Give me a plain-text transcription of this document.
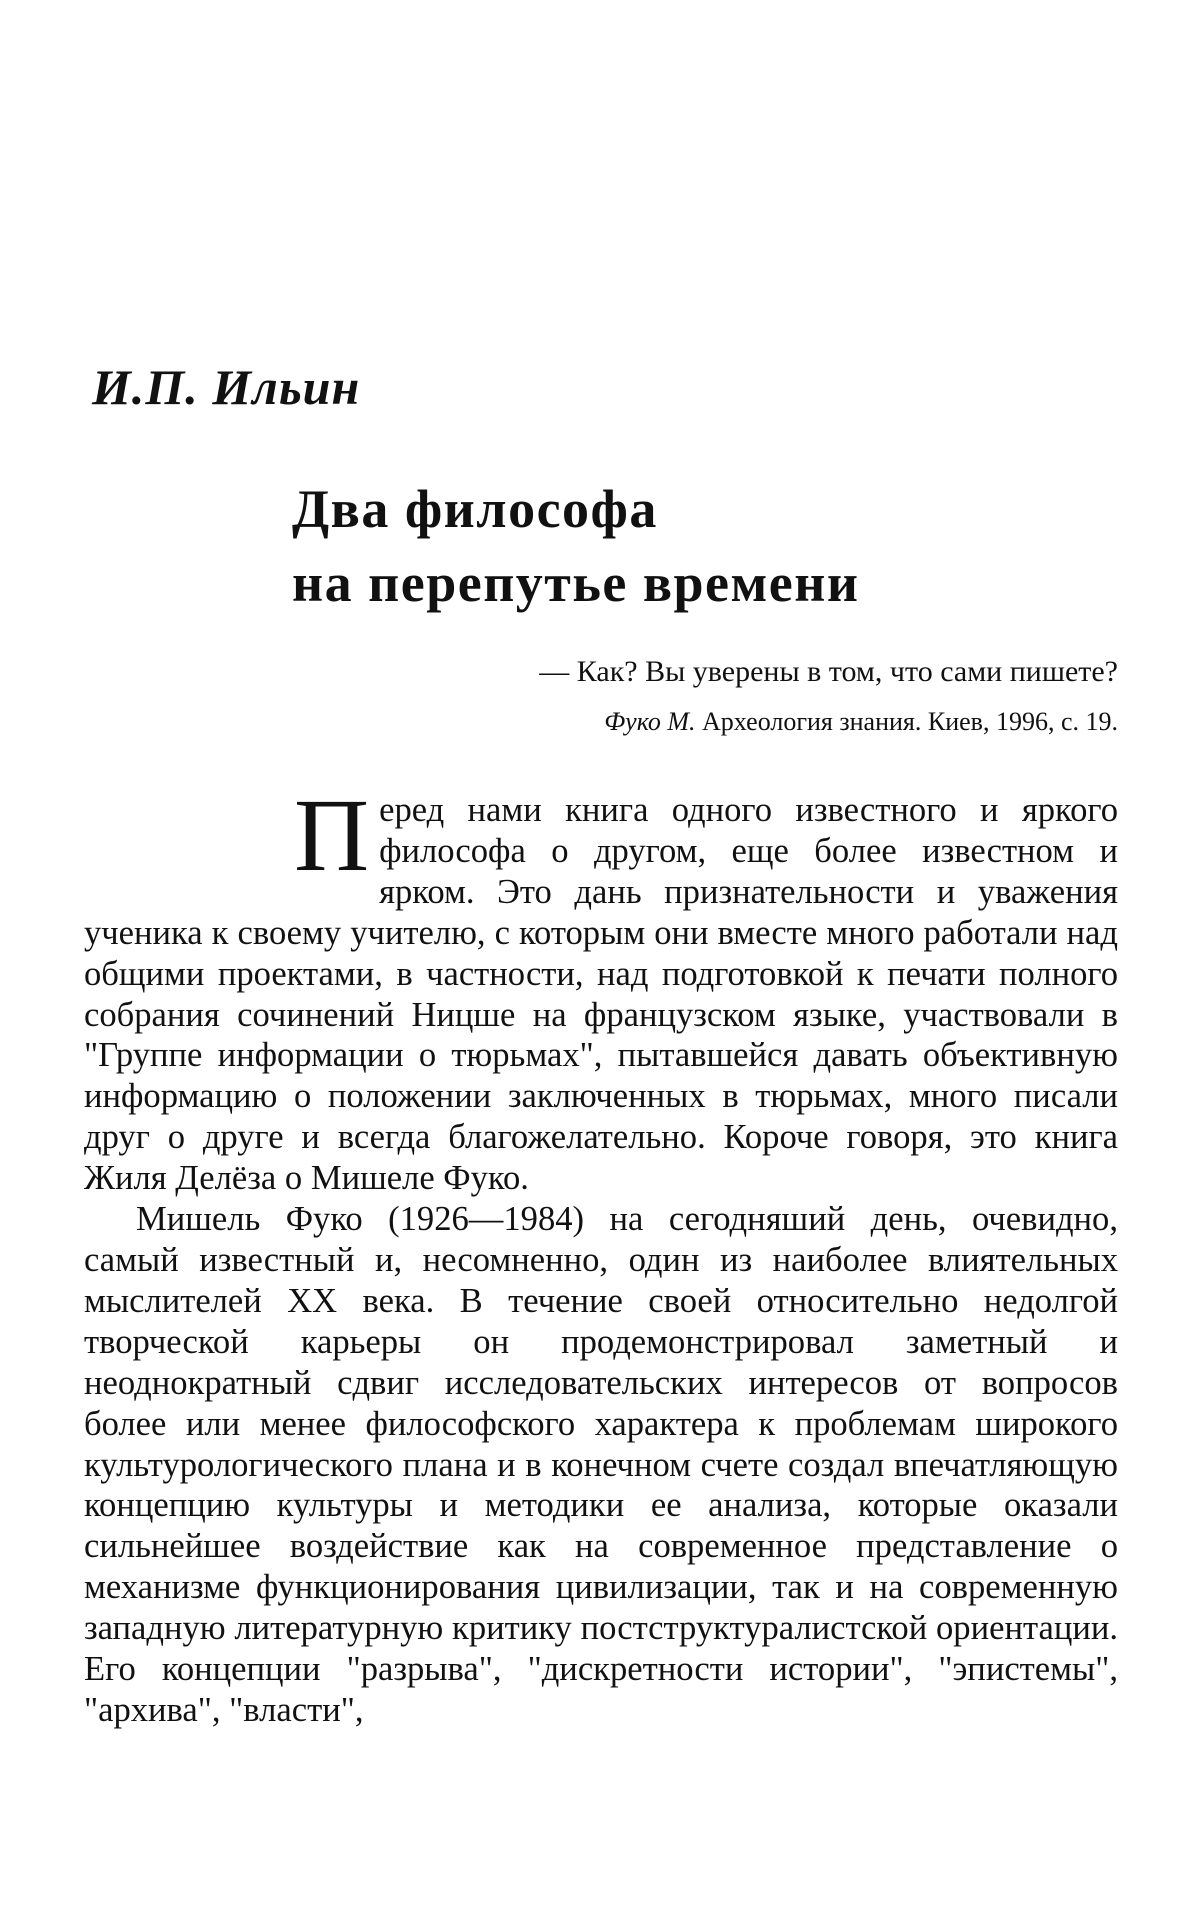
И.П. Ильин
Два философа
на перепутье времени
— Как? Вы уверены в том, что сами пишете?
Фуко М. Археология знания. Киев, 1996, с. 19.

Перед нами книга одного известного и яркого философа о другом, еще более известном и ярком. Это дань признательности и уважения ученика к своему учителю, с которым они вместе много работали над общими проектами, в частности, над подготовкой к печати полного собрания сочинений Ницше на французском языке, участвовали в "Группе информации о тюрьмах", пытавшейся давать объективную информацию о положении заключенных в тюрьмах, много писали друг о друге и всегда благожелательно. Короче говоря, это книга Жиля Делёза о Мишеле Фуко.

Мишель Фуко (1926—1984) на сегодняший день, очевидно, самый известный и, несомненно, один из наиболее влиятельных мыслителей XX века. В течение своей относительно недолгой творческой карьеры он продемонстрировал заметный и неоднократный сдвиг исследовательских интересов от вопросов более или менее философского характера к проблемам широкого культурологического плана и в конечном счете создал впечатляющую концепцию культуры и методики ее анализа, которые оказали сильнейшее воздействие как на современное представление о механизме функционирования цивилизации, так и на современную западную литературную критику постструктуралистской ориентации. Его концепции "разрыва", "дискретности истории", "эпистемы", "архива", "власти",
